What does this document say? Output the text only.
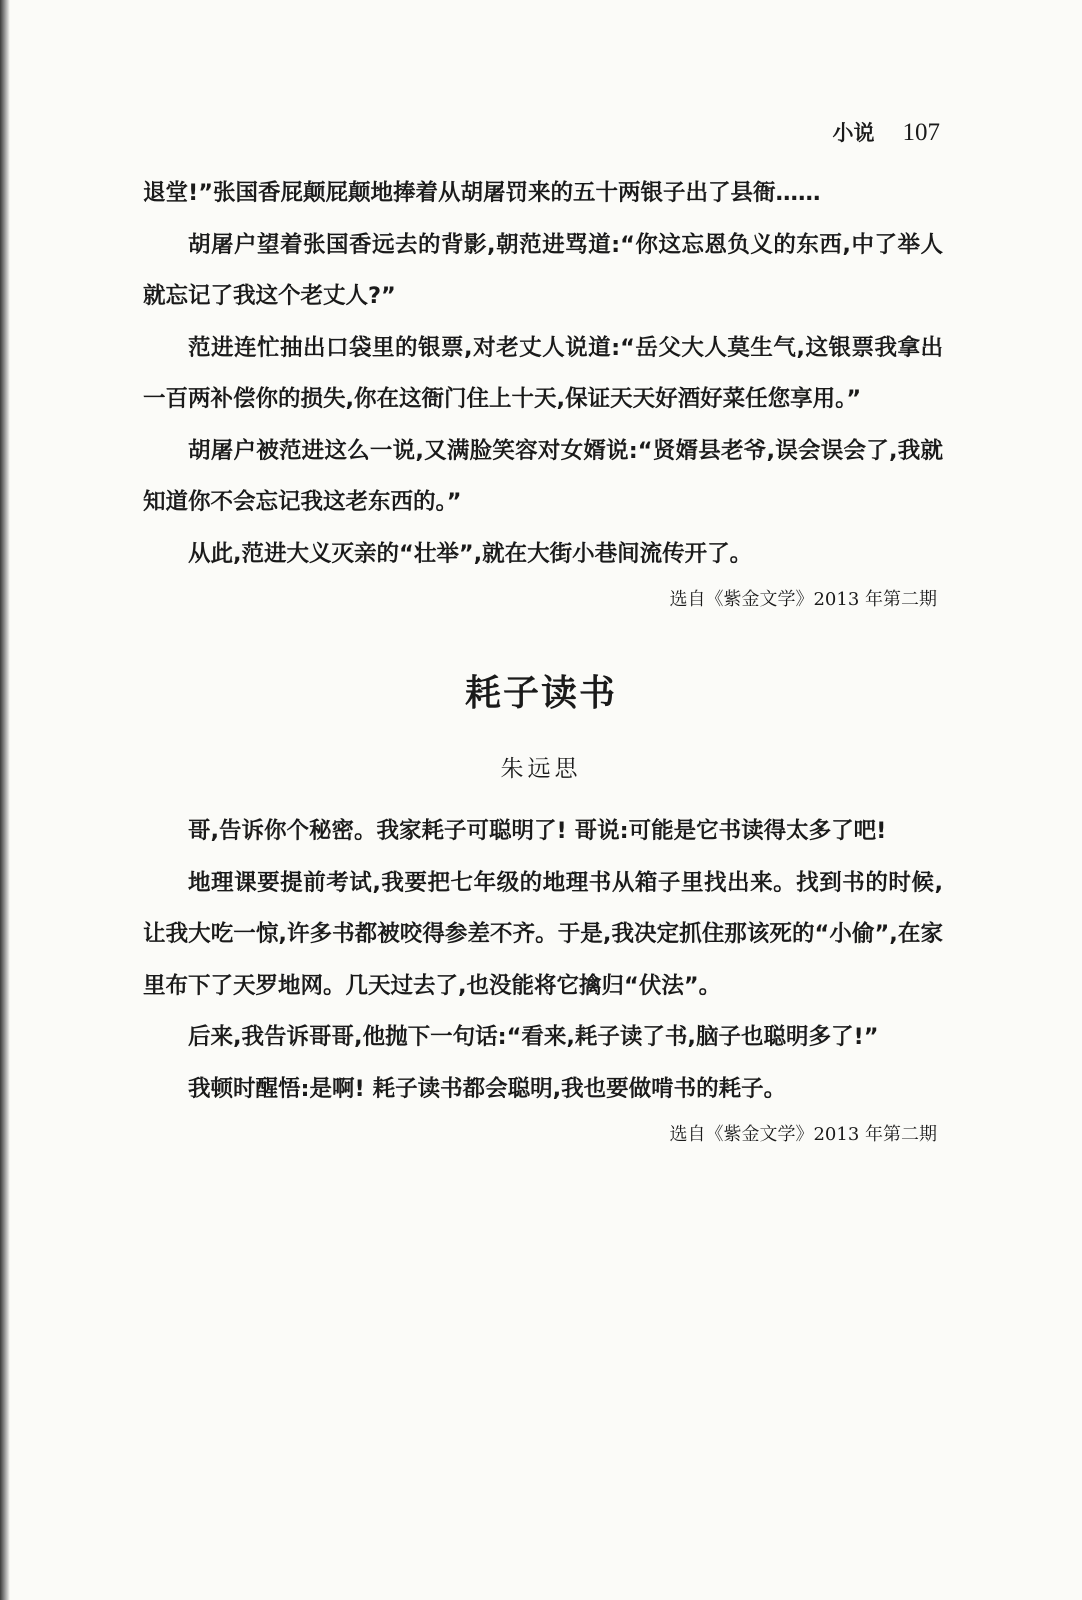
小说 107

退堂!”张国香屁颠屁颠地捧着从胡屠罚来的五十两银子出了县衙……

胡屠户望着张国香远去的背影,朝范进骂道:“你这忘恩负义的东西,中了举人就忘记了我这个老丈人?”

范进连忙抽出口袋里的银票,对老丈人说道:“岳父大人莫生气,这银票我拿出一百两补偿你的损失,你在这衙门住上十天,保证天天好酒好菜任您享用。”

胡屠户被范进这么一说,又满脸笑容对女婿说:“贤婿县老爷,误会误会了,我就知道你不会忘记我这老东西的。”

从此,范进大义灭亲的“壮举”,就在大街小巷间流传开了。

选自《紫金文学》2013 年第二期
耗子读书
朱远思

哥,告诉你个秘密。我家耗子可聪明了! 哥说:可能是它书读得太多了吧!

地理课要提前考试,我要把七年级的地理书从箱子里找出来。找到书的时候,让我大吃一惊,许多书都被咬得参差不齐。于是,我决定抓住那该死的“小偷”,在家里布下了天罗地网。几天过去了,也没能将它擒归“伏法”。

后来,我告诉哥哥,他抛下一句话:“看来,耗子读了书,脑子也聪明多了!”

我顿时醒悟:是啊! 耗子读书都会聪明,我也要做啃书的耗子。

选自《紫金文学》2013 年第二期
